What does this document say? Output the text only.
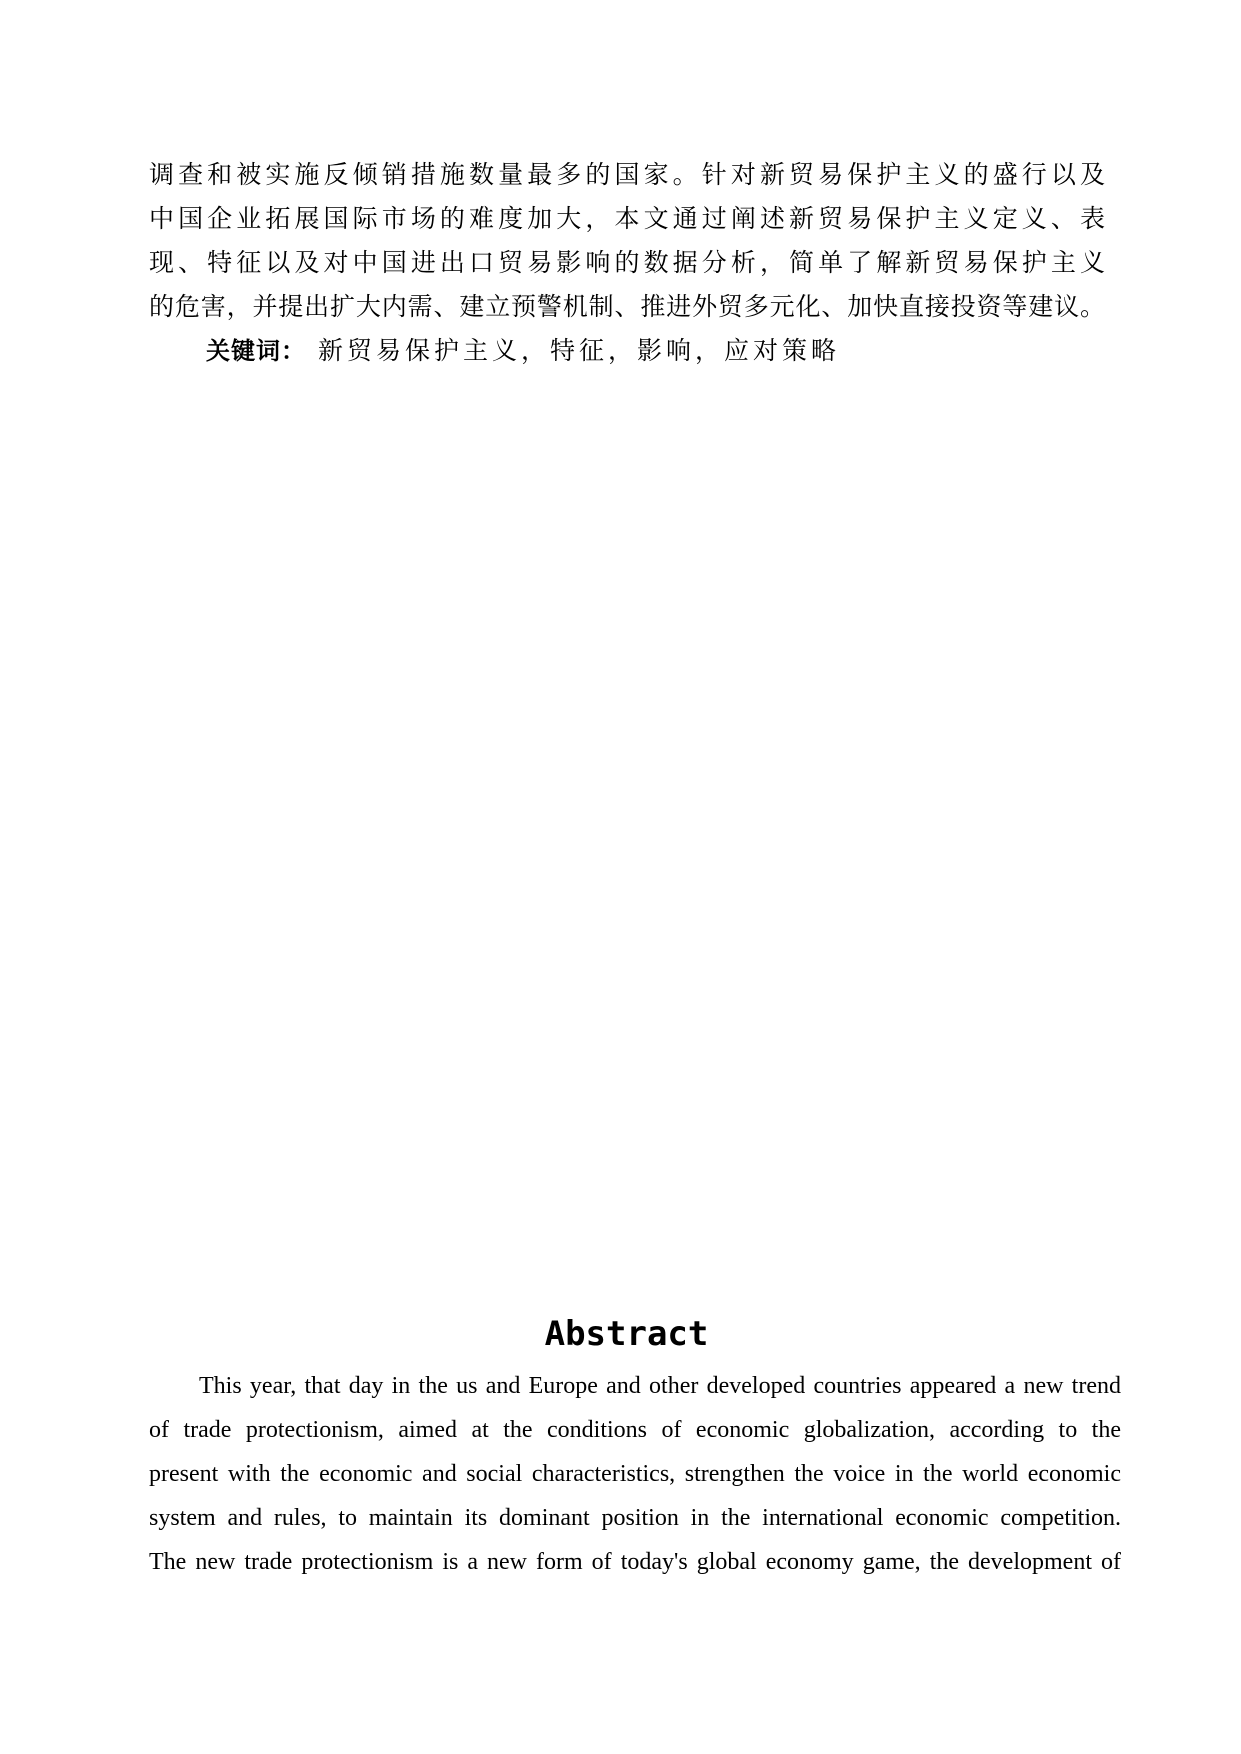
调查和被实施反倾销措施数量最多的国家。针对新贸易保护主义的盛行以及
中国企业拓展国际市场的难度加大，本文通过阐述新贸易保护主义定义、表
现、特征以及对中国进出口贸易影响的数据分析，简单了解新贸易保护主义
的危害，并提出扩大内需、建立预警机制、推进外贸多元化、加快直接投资等建议。
关键词： 新贸易保护主义，特征，影响，应对策略
Abstract
This year, that day in the us and Europe and other developed countries appeared a new trend
of trade protectionism, aimed at the conditions of economic globalization, according to the
present with the economic and social characteristics, strengthen the voice in the world economic
system and rules, to maintain its dominant position in the international economic competition.
The new trade protectionism is a new form of today's global economy game, the development of
